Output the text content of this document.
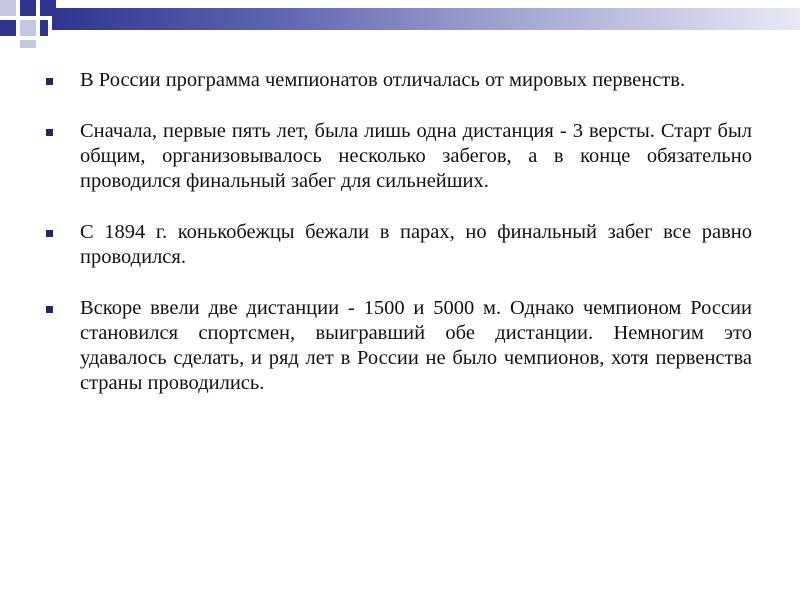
В России программа чемпионатов отличалась от мировых первенств.
Сначала, первые пять лет, была лишь одна дистанция - 3 версты. Старт был общим, организовывалось несколько забегов, а в конце обязательно проводился финальный забег для сильнейших.
С 1894 г. конькобежцы бежали в парах, но финальный забег все равно проводился.
Вскоре ввели две дистанции - 1500 и 5000 м. Однако чемпионом России становился спортсмен, выигравший обе дистанции. Немногим это удавалось сделать, и ряд лет в России не было чемпионов, хотя первенства страны проводились.
